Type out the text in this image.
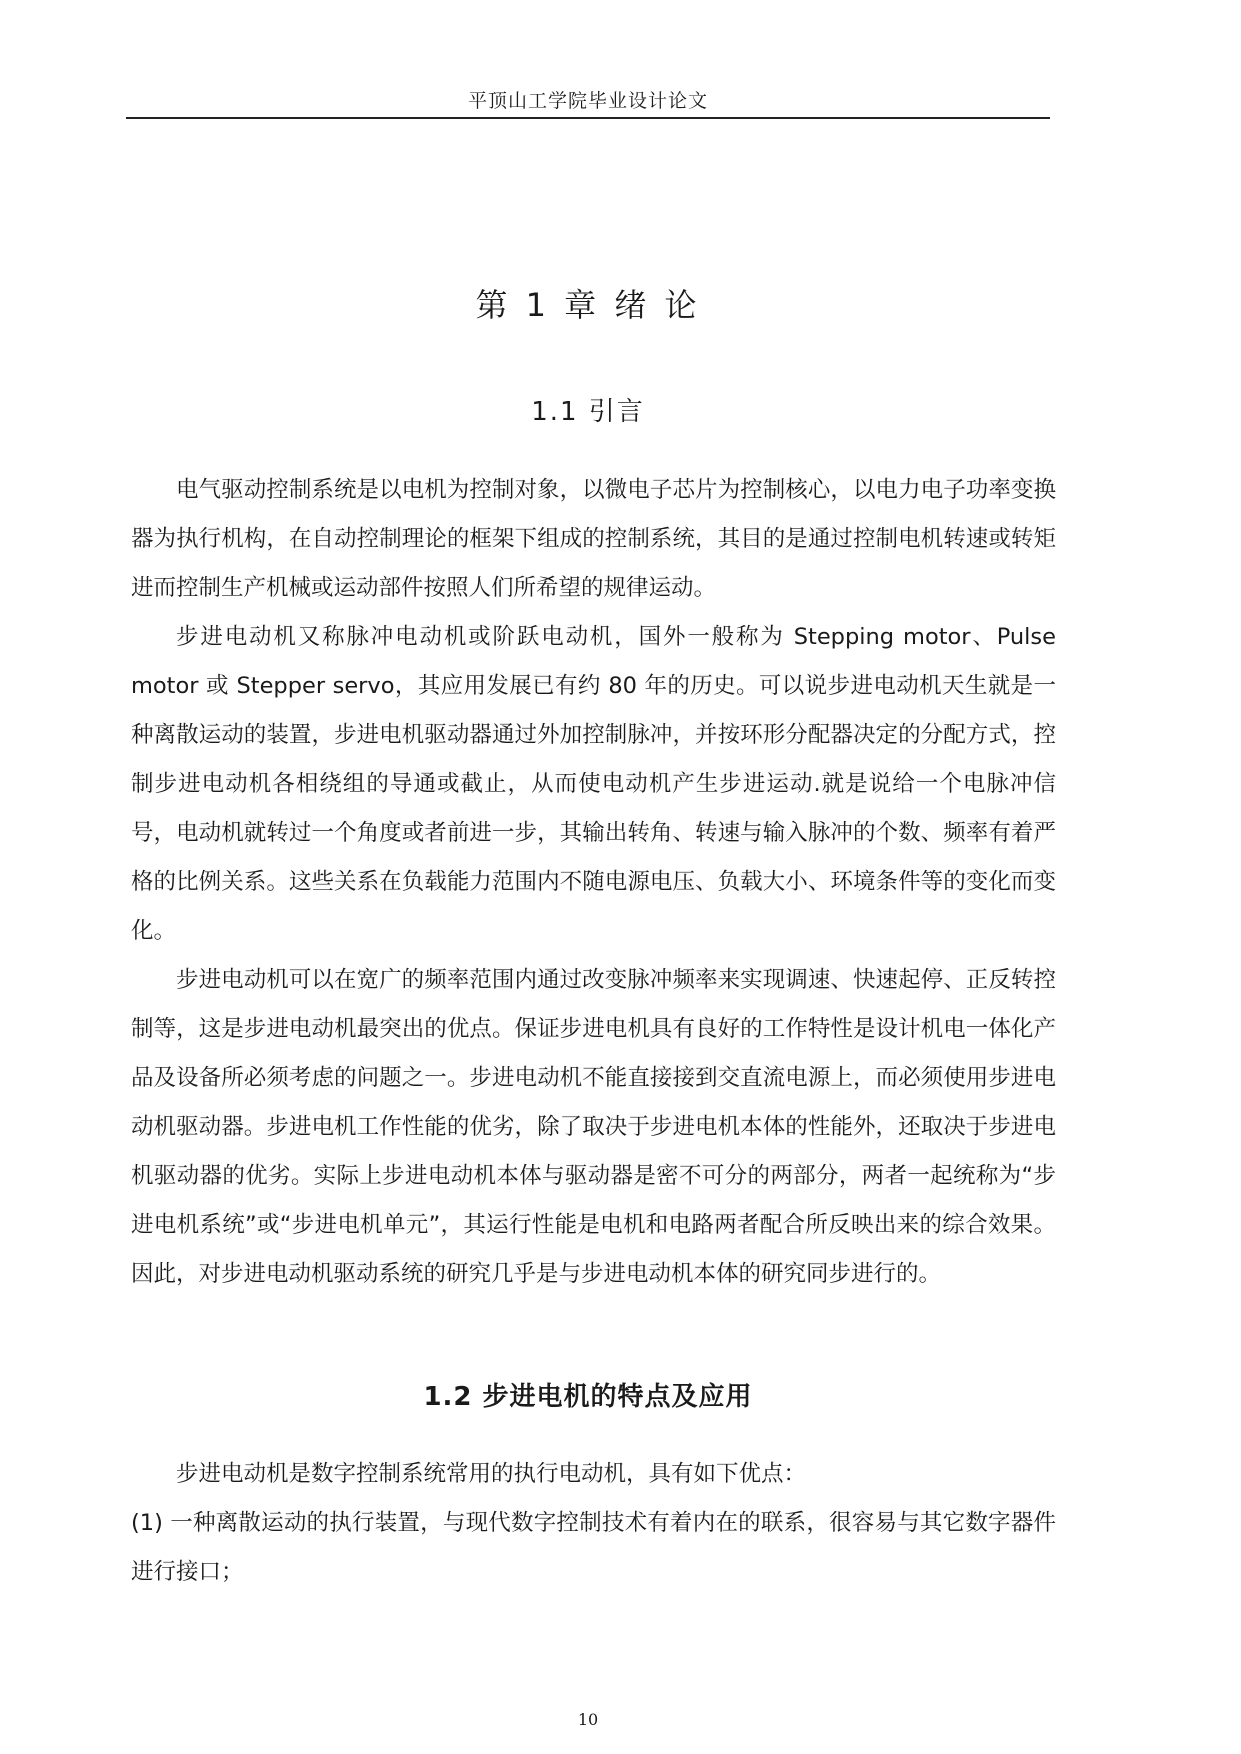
平顶山工学院毕业设计论文
第 1 章 绪 论
1.1 引言

电气驱动控制系统是以电机为控制对象，以微电子芯片为控制核心，以电力电子功率变换器为执行机构，在自动控制理论的框架下组成的控制系统，其目的是通过控制电机转速或转矩进而控制生产机械或运动部件按照人们所希望的规律运动。

步进电动机又称脉冲电动机或阶跃电动机，国外一般称为 Stepping motor、Pulse motor 或 Stepper servo，其应用发展已有约 80 年的历史。可以说步进电动机天生就是一种离散运动的装置，步进电机驱动器通过外加控制脉冲，并按环形分配器决定的分配方式，控制步进电动机各相绕组的导通或截止，从而使电动机产生步进运动.就是说给一个电脉冲信号，电动机就转过一个角度或者前进一步，其输出转角、转速与输入脉冲的个数、频率有着严格的比例关系。这些关系在负载能力范围内不随电源电压、负载大小、环境条件等的变化而变化。

步进电动机可以在宽广的频率范围内通过改变脉冲频率来实现调速、快速起停、正反转控制等，这是步进电动机最突出的优点。保证步进电机具有良好的工作特性是设计机电一体化产品及设备所必须考虑的问题之一。步进电动机不能直接接到交直流电源上，而必须使用步进电动机驱动器。步进电机工作性能的优劣，除了取决于步进电机本体的性能外，还取决于步进电机驱动器的优劣。实际上步进电动机本体与驱动器是密不可分的两部分，两者一起统称为“步进电机系统”或“步进电机单元”，其运行性能是电机和电路两者配合所反映出来的综合效果。因此，对步进电动机驱动系统的研究几乎是与步进电动机本体的研究同步进行的。

1.2 步进电机的特点及应用

步进电动机是数字控制系统常用的执行电动机，具有如下优点：

(1) 一种离散运动的执行装置，与现代数字控制技术有着内在的联系，很容易与其它数字器件进行接口；

10
